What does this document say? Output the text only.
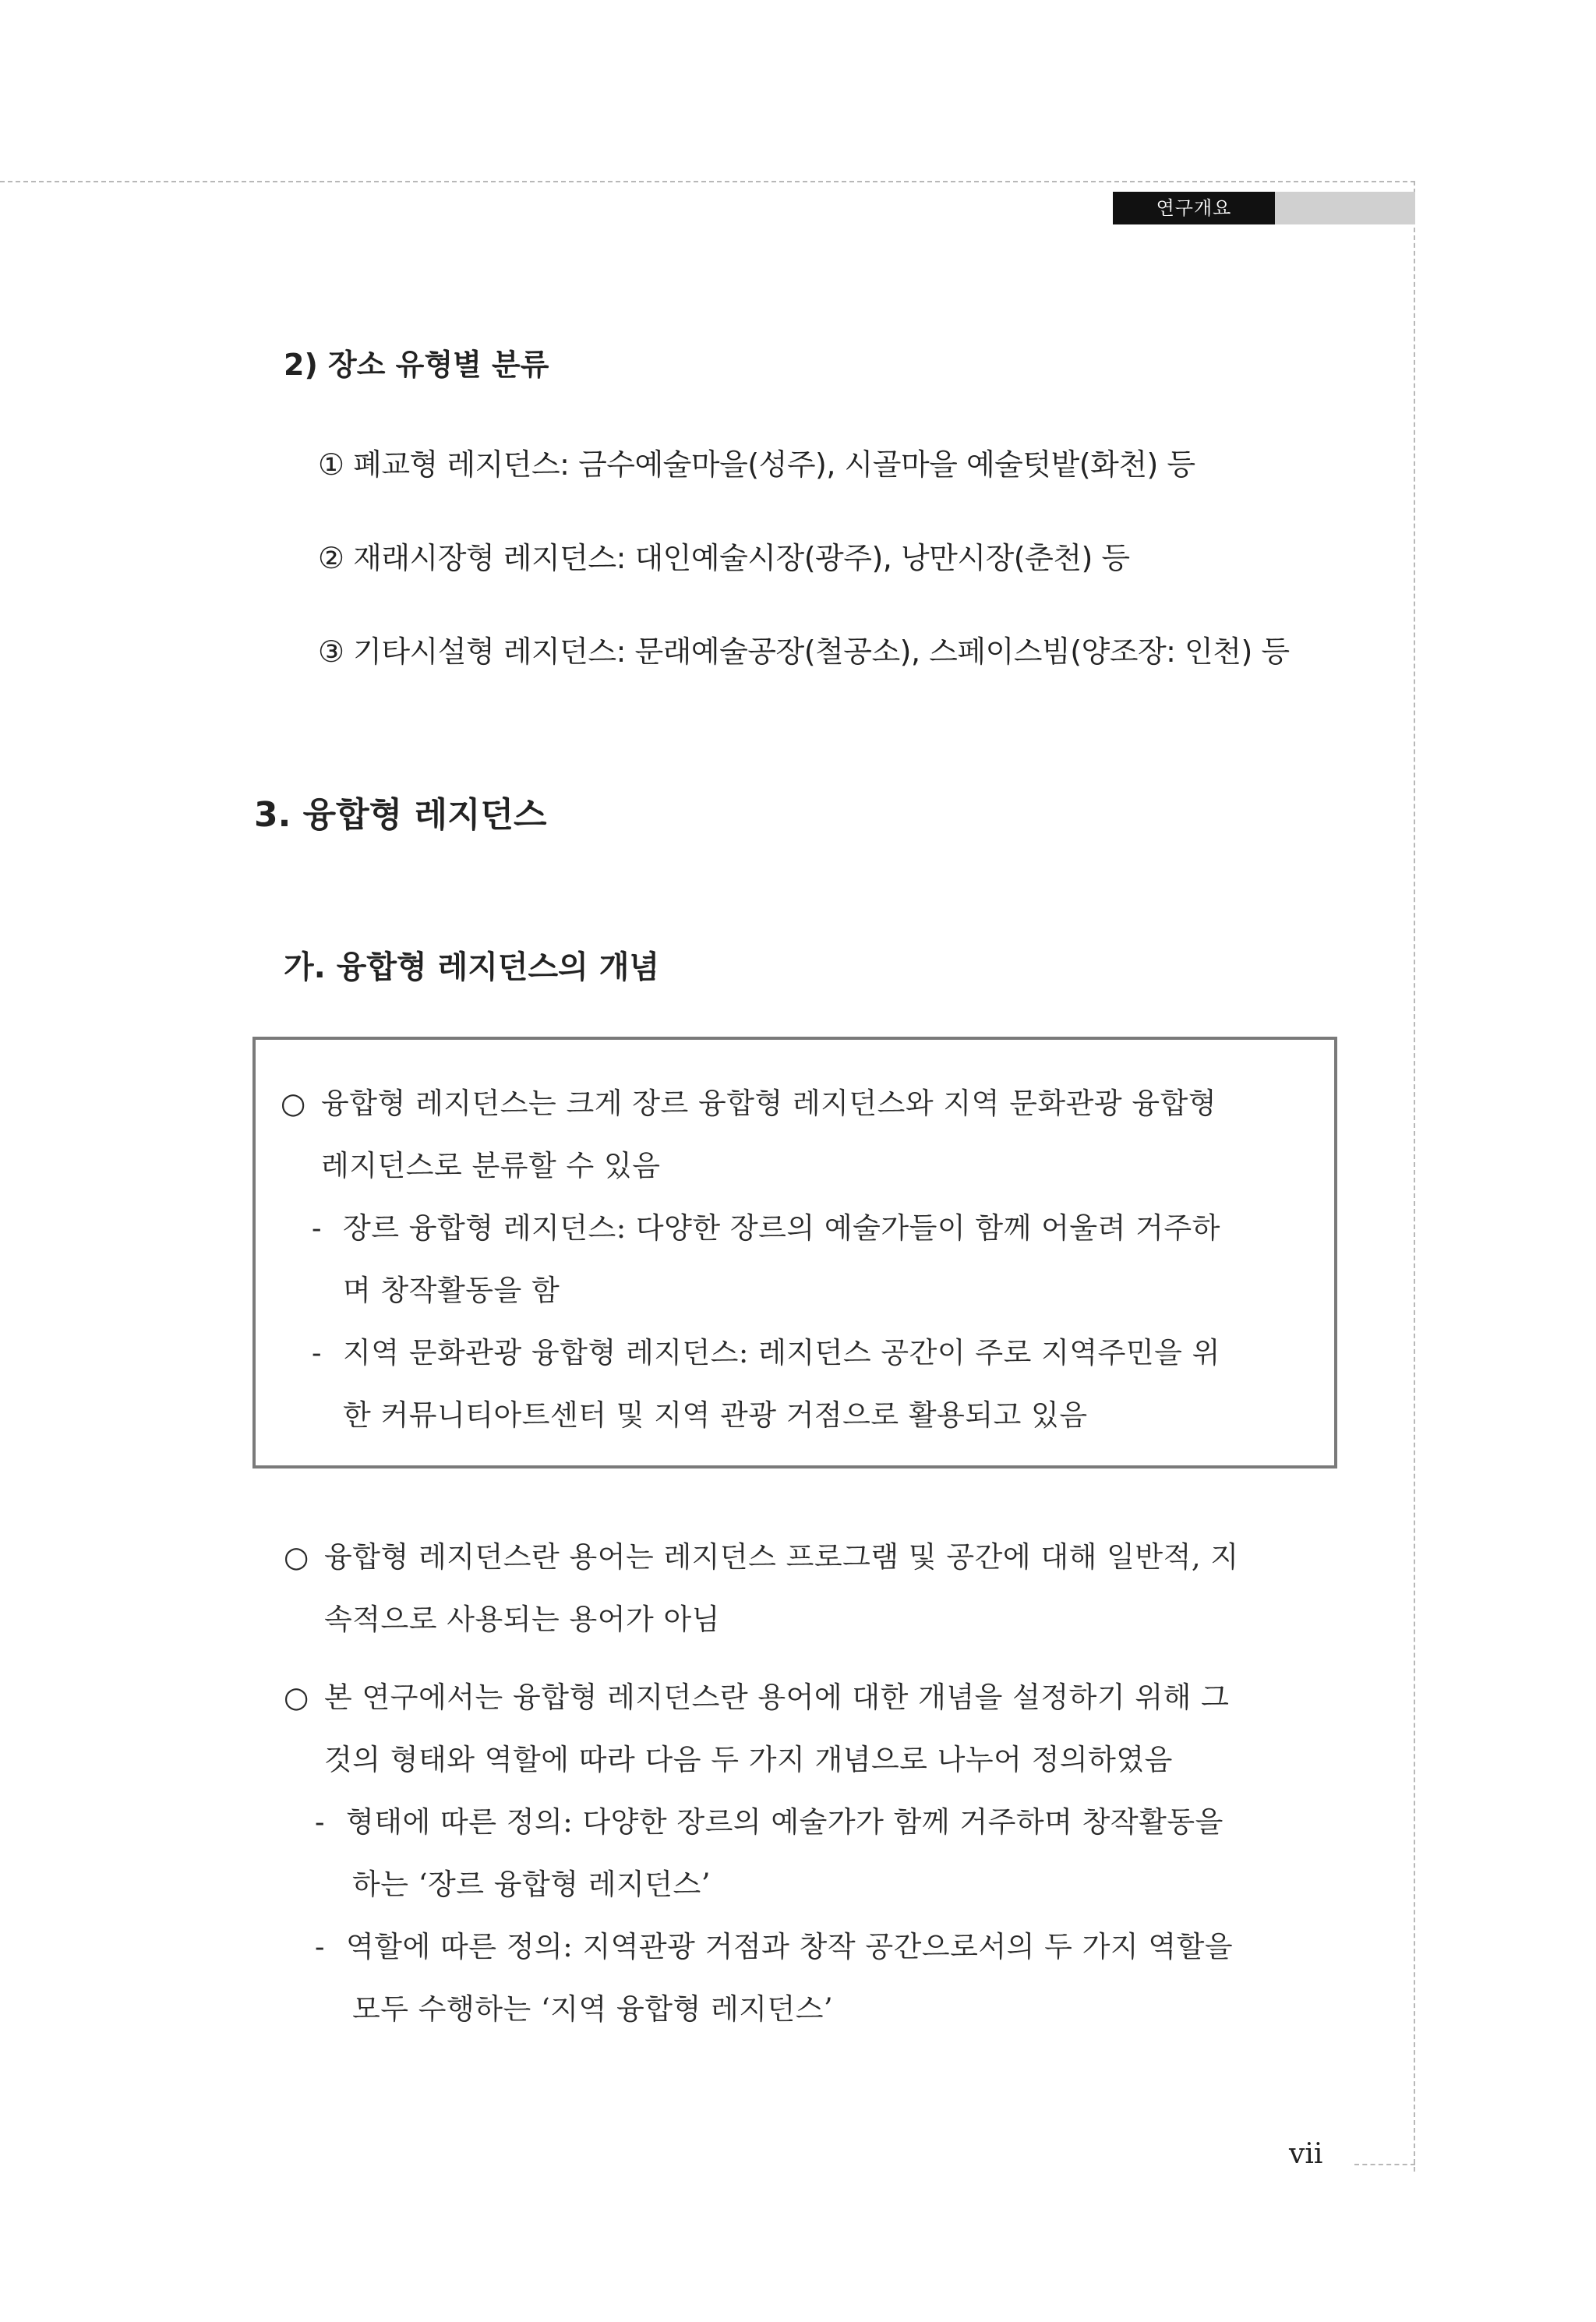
연구개요
2) 장소 유형별 분류
① 폐교형 레지던스: 금수예술마을(성주), 시골마을 예술텃밭(화천) 등
② 재래시장형 레지던스: 대인예술시장(광주), 낭만시장(춘천) 등
③ 기타시설형 레지던스: 문래예술공장(철공소), 스페이스빔(양조장: 인천) 등
3. 융합형 레지던스
가. 융합형 레지던스의 개념
○ 융합형 레지던스는 크게 장르 융합형 레지던스와 지역 문화관광 융합형
레지던스로 분류할 수 있음
- 장르 융합형 레지던스: 다양한 장르의 예술가들이 함께 어울려 거주하
며 창작활동을 함
- 지역 문화관광 융합형 레지던스: 레지던스 공간이 주로 지역주민을 위
한 커뮤니티아트센터 및 지역 관광 거점으로 활용되고 있음
○ 융합형 레지던스란 용어는 레지던스 프로그램 및 공간에 대해 일반적, 지
속적으로 사용되는 용어가 아님
○ 본 연구에서는 융합형 레지던스란 용어에 대한 개념을 설정하기 위해 그
것의 형태와 역할에 따라 다음 두 가지 개념으로 나누어 정의하였음
- 형태에 따른 정의: 다양한 장르의 예술가가 함께 거주하며 창작활동을
하는 ‘장르 융합형 레지던스’
- 역할에 따른 정의: 지역관광 거점과 창작 공간으로서의 두 가지 역할을
모두 수행하는 ‘지역 융합형 레지던스’
vii
